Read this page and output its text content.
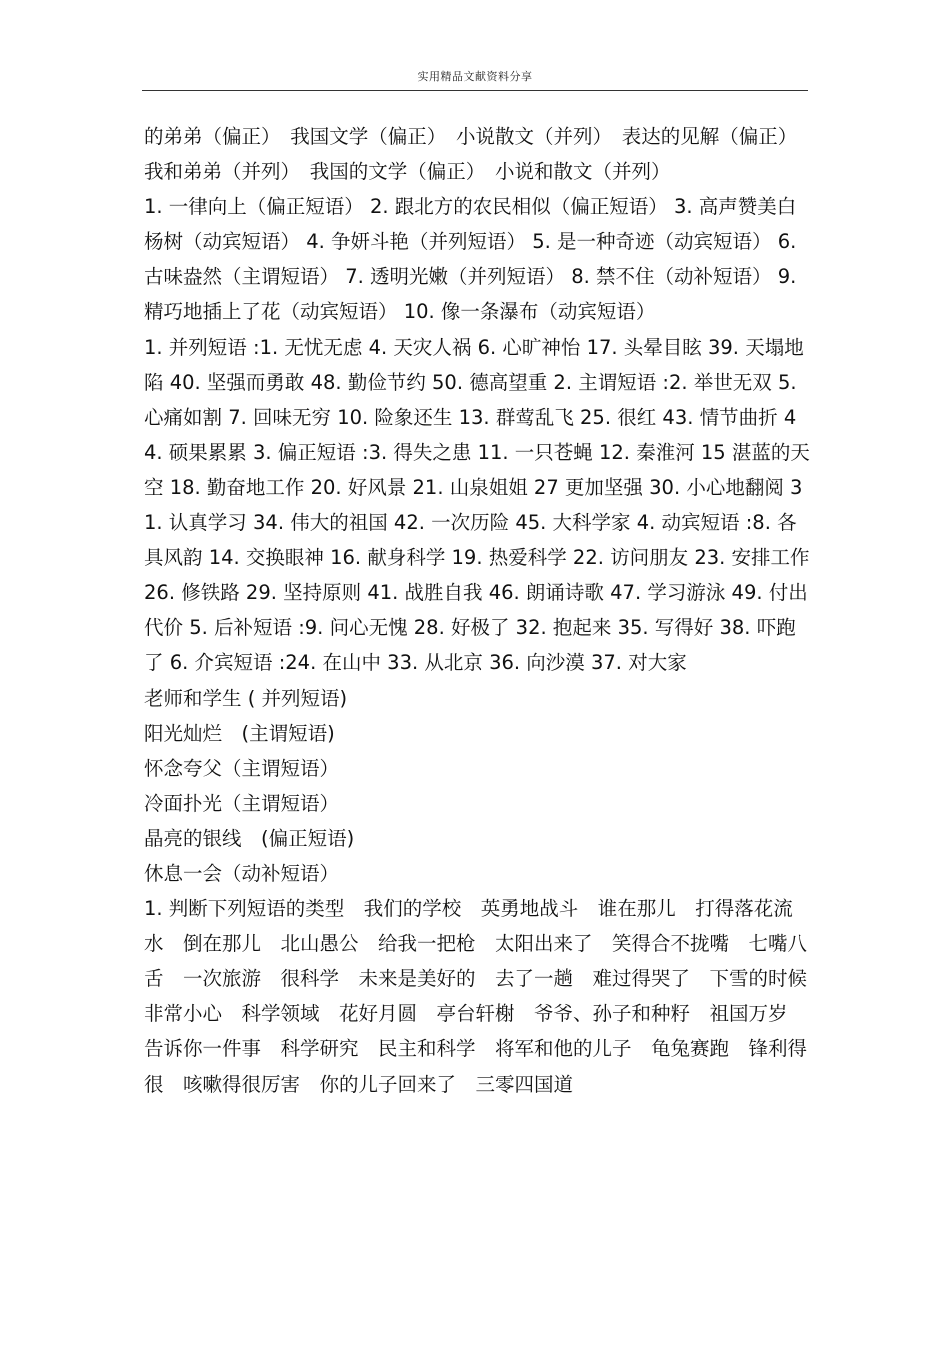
实用精品文献资料分享

的弟弟（偏正）　我国文学（偏正）　小说散文（并列）　表达的见解（偏正）　我和弟弟（并列）　我国的文学（偏正）　小说和散文（并列）

1. 一律向上（偏正短语） 2. 跟北方的农民相似（偏正短语） 3. 高声赞美白杨树（动宾短语） 4. 争妍斗艳（并列短语） 5. 是一种奇迹（动宾短语） 6. 古味盎然（主谓短语） 7. 透明光嫩（并列短语） 8. 禁不住（动补短语） 9. 精巧地插上了花（动宾短语） 10. 像一条瀑布（动宾短语）

1. 并列短语 :1. 无忧无虑 4. 天灾人祸 6. 心旷神怡 17. 头晕目眩 39. 天塌地陷 40. 坚强而勇敢 48. 勤俭节约 50. 德高望重 2. 主谓短语 :2. 举世无双 5. 心痛如割 7. 回味无穷 10. 险象还生 13. 群莺乱飞 25. 很红 43. 情节曲折 44. 硕果累累 3. 偏正短语 :3. 得失之患 11. 一只苍蝇 12. 秦淮河 15 湛蓝的天空 18. 勤奋地工作 20. 好风景 21. 山泉姐姐 27 更加坚强 30. 小心地翻阅 31. 认真学习 34. 伟大的祖国 42. 一次历险 45. 大科学家 4. 动宾短语 :8. 各具风韵 14. 交换眼神 16. 献身科学 19. 热爱科学 22. 访问朋友 23. 安排工作 26. 修铁路 29. 坚持原则 41. 战胜自我 46. 朗诵诗歌 47. 学习游泳 49. 付出代价 5. 后补短语 :9. 问心无愧 28. 好极了 32. 抱起来 35. 写得好 38. 吓跑了 6. 介宾短语 :24. 在山中 33. 从北京 36. 向沙漠 37. 对大家

老师和学生 ( 并列短语)

阳光灿烂　(主谓短语)

怀念夸父（主谓短语）

冷面扑光（主谓短语）

晶亮的银线　(偏正短语)

休息一会（动补短语）

1. 判断下列短语的类型　我们的学校　英勇地战斗　谁在那儿　打得落花流水　倒在那儿　北山愚公　给我一把枪　太阳出来了　笑得合不拢嘴　七嘴八舌　一次旅游　很科学　未来是美好的　去了一趟　难过得哭了　下雪的时候　非常小心　科学领域　花好月圆　亭台轩榭　爷爷、孙子和种籽　祖国万岁　告诉你一件事　科学研究　民主和科学　将军和他的儿子　龟兔赛跑　锋利得很　咳嗽得很厉害　你的儿子回来了　三零四国道
